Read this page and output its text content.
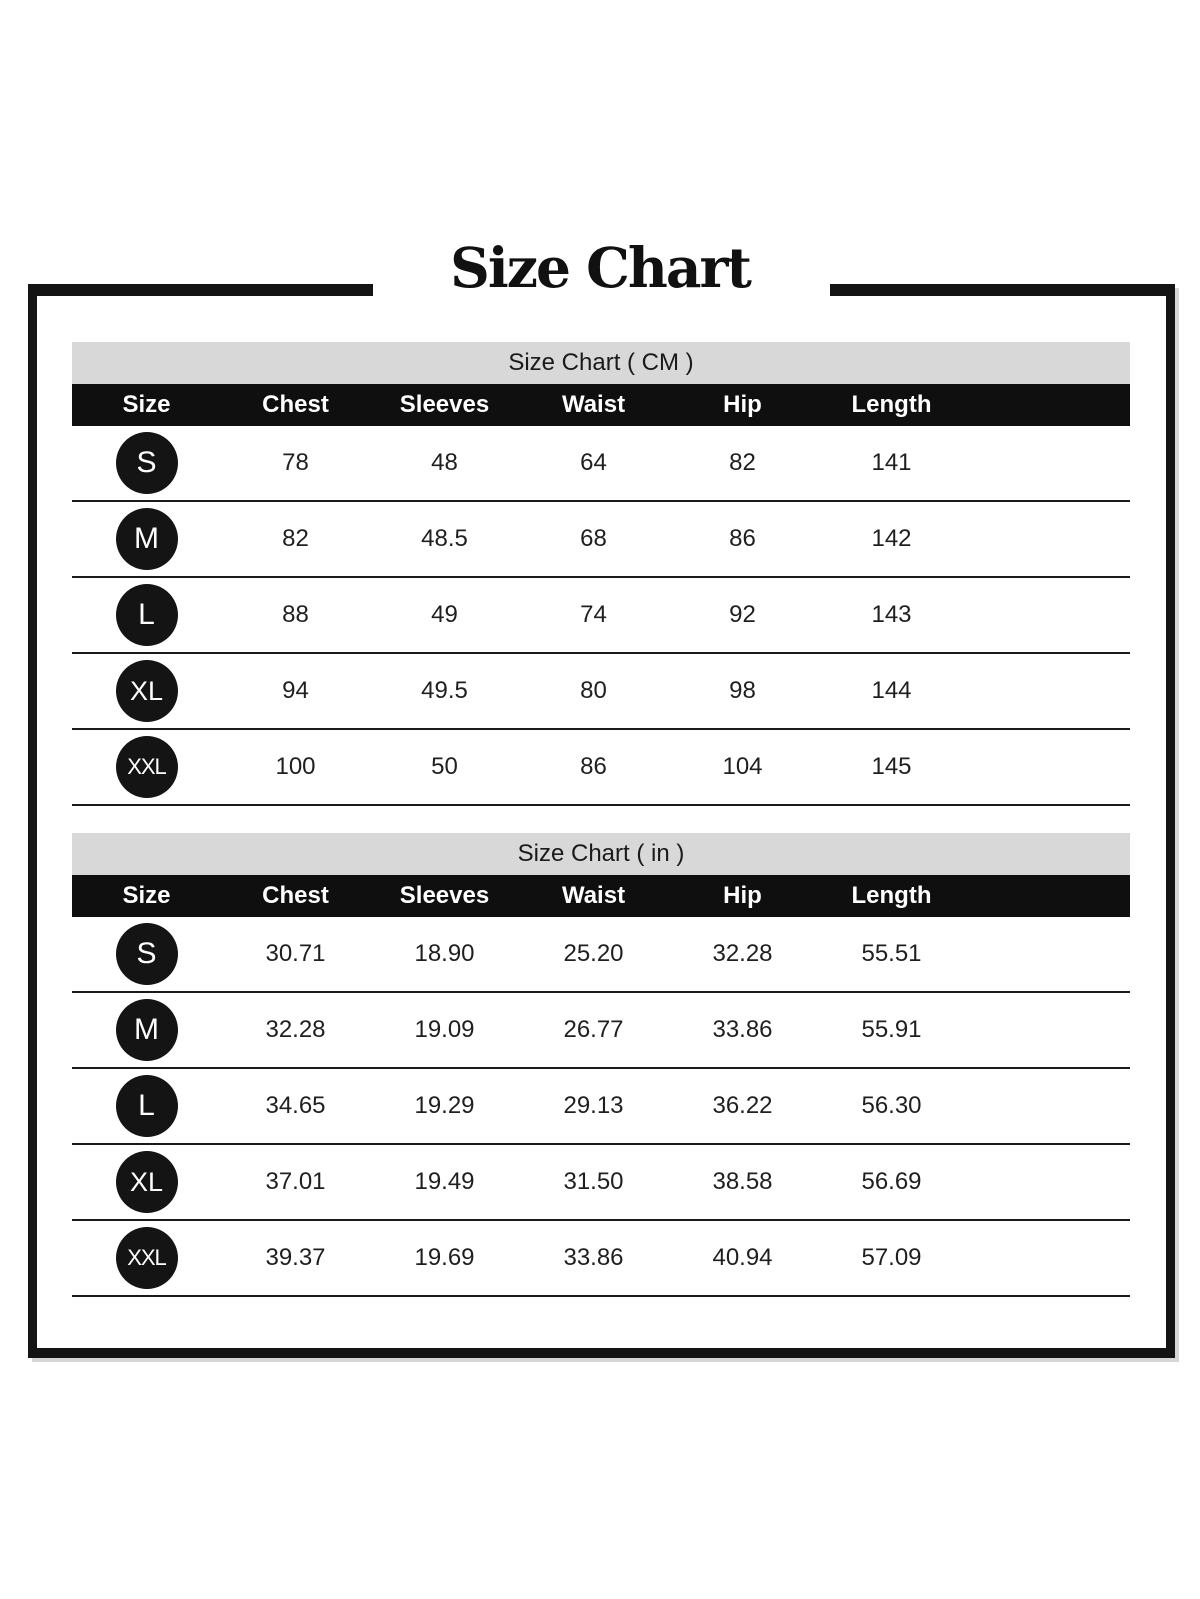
Size Chart
Size Chart ( CM )
Size	Chest	Sleeves	Waist	Hip	Length
S	78	48	64	82	141
M	82	48.5	68	86	142
L	88	49	74	92	143
XL	94	49.5	80	98	144
XXL	100	50	86	104	145
Size Chart ( in )
Size	Chest	Sleeves	Waist	Hip	Length
S	30.71	18.90	25.20	32.28	55.51
M	32.28	19.09	26.77	33.86	55.91
L	34.65	19.29	29.13	36.22	56.30
XL	37.01	19.49	31.50	38.58	56.69
XXL	39.37	19.69	33.86	40.94	57.09
